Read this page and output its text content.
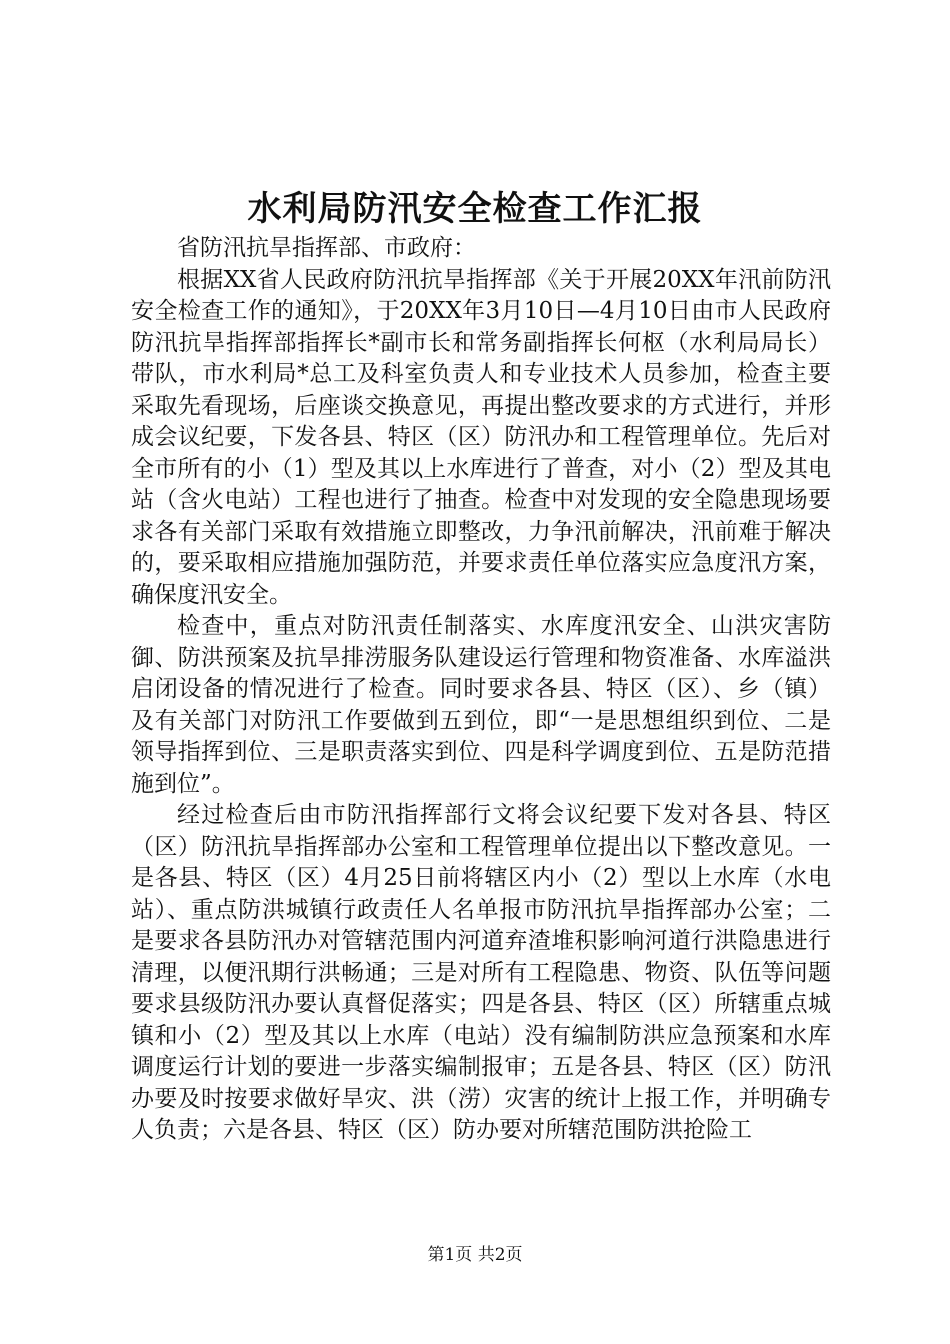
水利局防汛安全检查工作汇报

省防汛抗旱指挥部、市政府：

根据XX省人民政府防汛抗旱指挥部《关于开展20XX年汛前防汛安全检查工作的通知》，于20XX年3月10日—4月10日由市人民政府防汛抗旱指挥部指挥长*副市长和常务副指挥长何枢（水利局局长）带队，市水利局*总工及科室负责人和专业技术人员参加，检查主要采取先看现场，后座谈交换意见，再提出整改要求的方式进行，并形成会议纪要，下发各县、特区（区）防汛办和工程管理单位。先后对全市所有的小（1）型及其以上水库进行了普查，对小（2）型及其电站（含火电站）工程也进行了抽查。检查中对发现的安全隐患现场要求各有关部门采取有效措施立即整改，力争汛前解决，汛前难于解决的，要采取相应措施加强防范，并要求责任单位落实应急度汛方案，确保度汛安全。

检查中，重点对防汛责任制落实、水库度汛安全、山洪灾害防御、防洪预案及抗旱排涝服务队建设运行管理和物资准备、水库溢洪启闭设备的情况进行了检查。同时要求各县、特区（区）、乡（镇）及有关部门对防汛工作要做到五到位，即“一是思想组织到位、二是领导指挥到位、三是职责落实到位、四是科学调度到位、五是防范措施到位”。

经过检查后由市防汛指挥部行文将会议纪要下发对各县、特区（区）防汛抗旱指挥部办公室和工程管理单位提出以下整改意见。一是各县、特区（区）4月25日前将辖区内小（2）型以上水库（水电站）、重点防洪城镇行政责任人名单报市防汛抗旱指挥部办公室；二是要求各县防汛办对管辖范围内河道弃渣堆积影响河道行洪隐患进行清理，以便汛期行洪畅通；三是对所有工程隐患、物资、队伍等问题要求县级防汛办要认真督促落实；四是各县、特区（区）所辖重点城镇和小（2）型及其以上水库（电站）没有编制防洪应急预案和水库调度运行计划的要进一步落实编制报审；五是各县、特区（区）防汛办要及时按要求做好旱灾、洪（涝）灾害的统计上报工作，并明确专人负责；六是各县、特区（区）防办要对所辖范围防洪抢险工

第1页 共2页
